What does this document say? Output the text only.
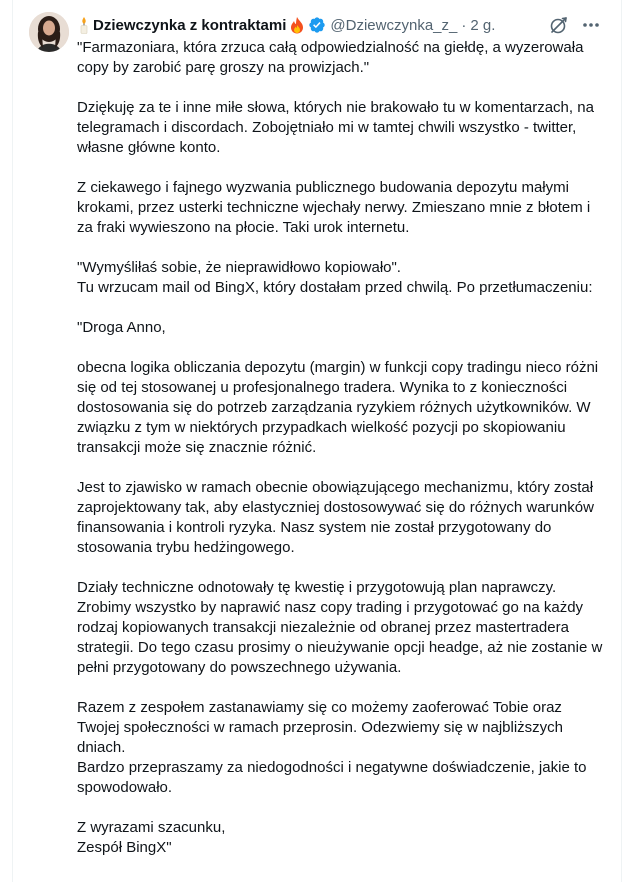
Dziewczynka z kontraktami	@Dziewczynka_z_ · 2 g.

"Farmazoniara, która zrzuca całą odpowiedzialność na giełdę, a wyzerowała copy by zarobić parę groszy na prowizjach."

Dziękuję za te i inne miłe słowa, których nie brakowało tu w komentarzach, na telegramach i discordach. Zobojętniało mi w tamtej chwili wszystko - twitter, własne główne konto.

Z ciekawego i fajnego wyzwania publicznego budowania depozytu małymi krokami, przez usterki techniczne wjechały nerwy. Zmieszano mnie z błotem i za fraki wywieszono na płocie. Taki urok internetu.

"Wymyśliłaś sobie, że nieprawidłowo kopiowało".
Tu wrzucam mail od BingX, który dostałam przed chwilą. Po przetłumaczeniu:

"Droga Anno,

obecna logika obliczania depozytu (margin) w funkcji copy tradingu nieco różni się od tej stosowanej u profesjonalnego tradera. Wynika to z konieczności dostosowania się do potrzeb zarządzania ryzykiem różnych użytkowników. W związku z tym w niektórych przypadkach wielkość pozycji po skopiowaniu transakcji może się znacznie różnić.

Jest to zjawisko w ramach obecnie obowiązującego mechanizmu, który został zaprojektowany tak, aby elastyczniej dostosowywać się do różnych warunków finansowania i kontroli ryzyka. Nasz system nie został przygotowany do stosowania trybu hedżingowego.

Działy techniczne odnotowały tę kwestię i przygotowują plan naprawczy. Zrobimy wszystko by naprawić nasz copy trading i przygotować go na każdy rodzaj kopiowanych transakcji niezależnie od obranej przez mastertradera strategii. Do tego czasu prosimy o nieużywanie opcji headge, aż nie zostanie w pełni przygotowany do powszechnego używania.

Razem z zespołem zastanawiamy się co możemy zaoferować Tobie oraz Twojej społeczności w ramach przeprosin. Odezwiemy się w najbliższych dniach.
Bardzo przepraszamy za niedogodności i negatywne doświadczenie, jakie to spowodowało.

Z wyrazami szacunku,
Zespół BingX"
